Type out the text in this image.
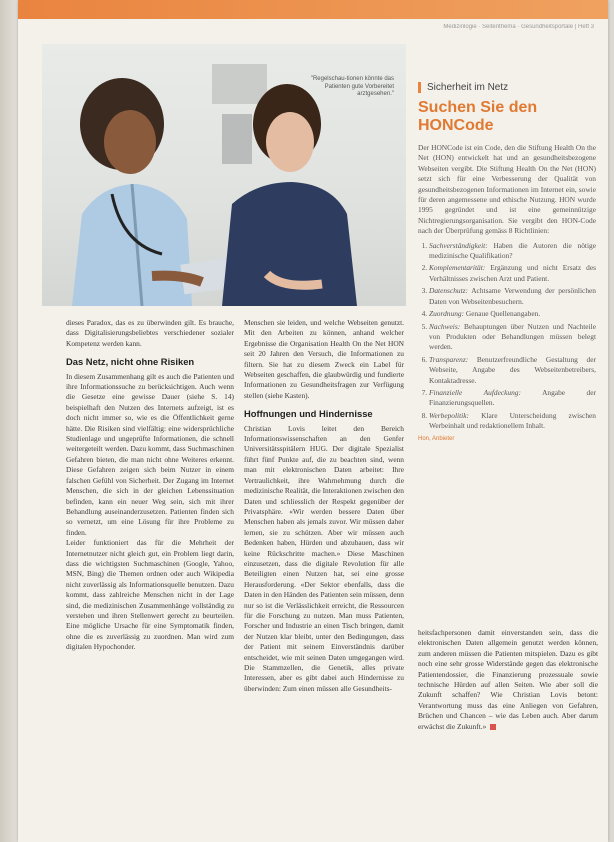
Medizinlogie · Seitenthema · Gesundheitsportale | Heft 3
"Regelschau-tionen könnte das Patienten gute Vorbereitet arztgesehen."

dieses Paradox, das es zu überwinden gilt. Es brauche, dass Digitalisierungsbeliebtes verschiedener sozialer Kompetenz werden kann.

Das Netz, nicht ohne Risiken

In diesem Zusammenhang gilt es auch die Patienten und ihre Informationssuche zu berücksichtigen. Auch wenn die Gesetze eine gewisse Dauer (siehe S. 14) beispielhaft den Nutzen des Internets aufzeigt, ist es doch nicht immer so, wie es die Öffentlichkeit gerne hätte. Die Risiken sind vielfältig: eine widersprüchliche Studienlage und ungeprüfte Informationen, die schnell weitergeteilt werden. Dazu kommt, dass Suchmaschinen Gefahren bieten, die man nicht ohne Weiteres erkennt. Diese Gefahren zeigen sich beim Nutzer in einem falschen Gefühl von Sicherheit. Der Zugang im Internet Menschen, die sich in der gleichen Lebenssituation befinden, kann ein neuer Weg sein, sich mit ihrer Behandlung auseinanderzusetzen. Patienten finden sich so vernetzt, um eine Lösung für ihre Probleme zu finden.

Leider funktioniert das für die Mehrheit der Internetnutzer nicht gleich gut, ein Problem liegt darin, dass die wichtigsten Suchmaschinen (Google, Yahoo, MSN, Bing) die Themen ordnen oder auch Wikipedia nicht zuverlässig als Informationsquelle benutzen. Dazu kommt, dass zahlreiche Menschen nicht in der Lage sind, die medizinischen Zusammenhänge vollständig zu verstehen und ihren Stellenwert gerecht zu beurteilen. Eine mögliche Ursache für eine Symptomatik finden, ohne die es zuverlässig zu zuordnen. Man wird zum digitalen Hypochonder.

Menschen sie leiden, und welche Webseiten genutzt. Mit den Arbeiten zu können, anhand welcher Ergebnisse die Organisation Health On the Net HON seit 20 Jahren den Versuch, die Informationen zu filtern. Sie hat zu diesem Zweck ein Label für Webseiten geschaffen, die glaubwürdig und fundierte Informationen zu Gesundheitsfragen zur Verfügung stellen (siehe Kasten).

Hoffnungen und Hindernisse

Christian Lovis leitet den Bereich Informationswissenschaften an den Genfer Universitätsspitälern HUG. Der digitale Spezialist führt fünf Punkte auf, die zu beachten sind, wenn man mit elektronischen Daten arbeitet: Ihre Vertraulichkeit, ihre Wahrnehmung durch die medizinische Realität, die Interaktionen zwischen den Daten und schliesslich der Respekt gegenüber der Privatsphäre. «Wir werden bessere Daten über Menschen haben als jemals zuvor. Wir müssen daher lernen, sie zu schützen. Aber wir müssen auch Bedenken haben, Hürden und abzubauen, dass wir keine Rückschritte machen.» Diese Maschinen einzusetzen, dass die digitale Revolution für alle Beteiligten einen Nutzen hat, sei eine grosse Herausforderung. «Der Sektor ebenfalls, dass die Daten in den Händen des Patienten sein müssen, denn nur so ist die Verlässlichkeit erreicht, die Ressourcen für die Forschung zu nutzen. Man muss Patienten, Forscher und Industrie an einen Tisch bringen, damit der Nutzen klar bleibt, unter den Bedingungen, dass der Patient mit seinem Einverständnis darüber entscheidet, wie mit seinen Daten umgegangen wird. Die Stammzellen, die Genetik, alles private Interessen, aber es gibt dabei auch Hindernisse zu überwinden: Zum einen müssen alle Gesundheits-

Sicherheit im Netz
Suchen Sie den HONCode

Der HONCode ist ein Code, den die Stiftung Health On the Net (HON) entwickelt hat und an gesundheitsbezogene Webseiten vergibt. Die Stiftung Health On the Net (HON) setzt sich für eine Verbesserung der Qualität von gesundheitsbezogenen Informationen im Internet ein, sowie für deren angemessene und ethische Nutzung. HON wurde 1995 gegründet und ist eine gemeinnützige Nichtregierungsorganisation. Sie vergibt den HON-Code nach der Überprüfung gemäss 8 Richtlinien:

1. Sachverständigkeit: Haben die Autoren die nötige medizinische Qualifikation?
2. Komplementarität: Ergänzung und nicht Ersatz des Verhältnisses zwischen Arzt und Patient.
3. Datenschutz: Achtsame Verwendung der persönlichen Daten von Webseitenbesuchern.
4. Zuordnung: Genaue Quellenangaben.
5. Nachweis: Behauptungen über Nutzen und Nachteile von Produkten oder Behandlungen müssen belegt werden.
6. Transparenz: Benutzerfreundliche Gestaltung der Webseite, Angabe des Webseitenbetreibers, Kontaktadresse.
7. Finanzielle Aufdeckung:	Angabe der Finanzierungsquellen.
8. Werbepolitik: Klare Unterscheidung zwischen Werbeinhalt und redaktionellem Inhalt.
Hon, Anbieter

heitsfachpersonen damit einverstanden sein, dass die elektronischen Daten allgemein genutzt werden können, zum anderen müssen die Patienten mitspielen. Dazu es gibt noch eine sehr grosse Widerstände gegen das elektronische Patientendossier, die Finanzierung prozessuale sowie technische Hürden auf allen Seiten. Wie aber soll die Zukunft schaffen? Wie Christian Lovis betont: Verantwortung muss das eine Anliegen von Gefahren, Brüchen und Chancen – wie das Leben auch. Aber darum erwächst die Zukunft.»
